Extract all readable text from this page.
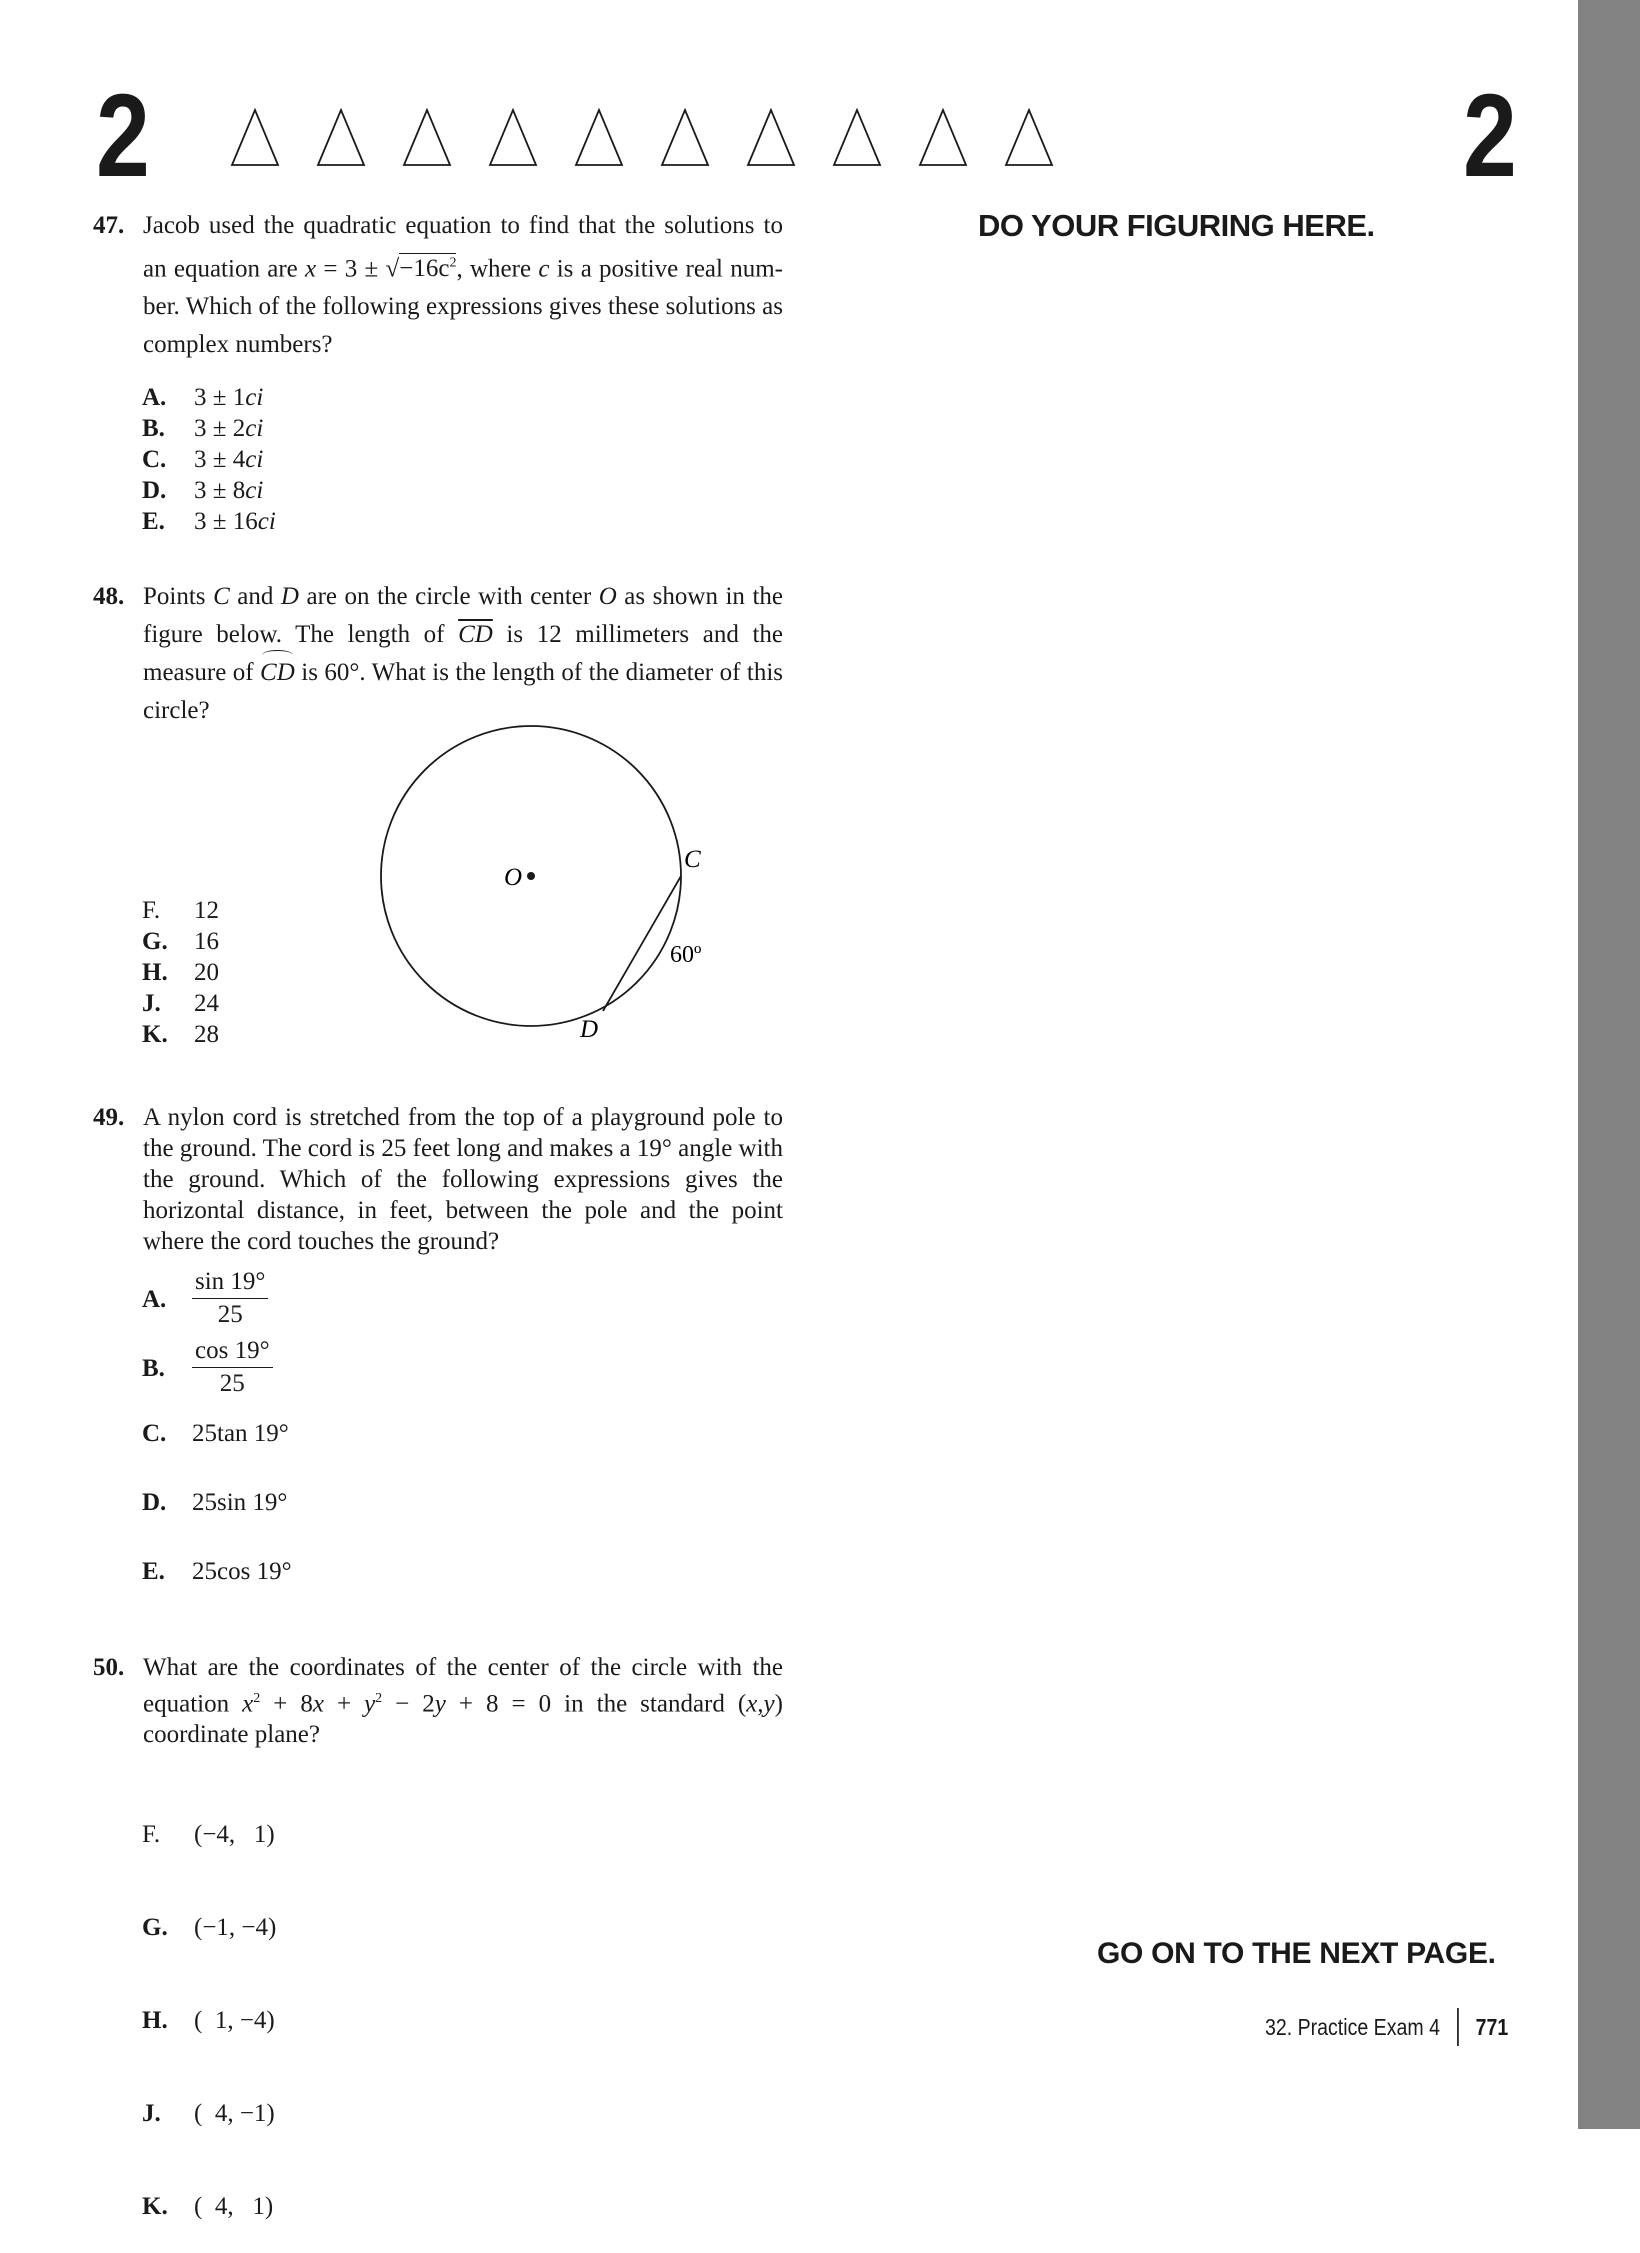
2	2
DO YOUR FIGURING HERE.
47. Jacob used the quadratic equation to find that the solutions to an equation are $x = 3 \pm √-16c^2$, where c is a positive real num- ber. Which of the following expressions gives these solutions as complex numbers?
A.	3 ± 1 ci
B.	3 ± 2 ci
C.	3 ± 4 ci
D.	3 ± 8 ci
E.	3 ± 16 ci
48. Points C and D are on the circle with center O as shown in the figure below. The length of $\overline{CD}$ is 12 millimeters and the measure of CD is 60°. What is the length of the diameter of this circle?
O
C
D
60º
F.	12
G.	16
H.	20
J.	24
K.	28
49. A nylon cord is stretched from the top of a playground pole to the ground. The cord is 25 feet long and makes a 19° angle with the ground. Which of the following expressions gives the horizontal distance, in feet, between the pole and the point where the cord touches the ground?
A.	$\frac{\sin 19^\circ}{25}$
B.	$\frac{\cos 19^\circ}{25}$
C.	25tan 19°
D.	25sin 19°
E.	25cos 19°
50. What are the coordinates of the center of the circle with the equation $x^2 + 8x + y^2 - 2y + 8 = 0$ in the standard (x,y) coordinate plane?

F.	(−4,   1)

G.	(−1, −4)

H.	(  1, −4)

J.	(  4, −1)

K.	(  4,   1)

GO ON TO THE NEXT PAGE.
32. Practice Exam 4 771
